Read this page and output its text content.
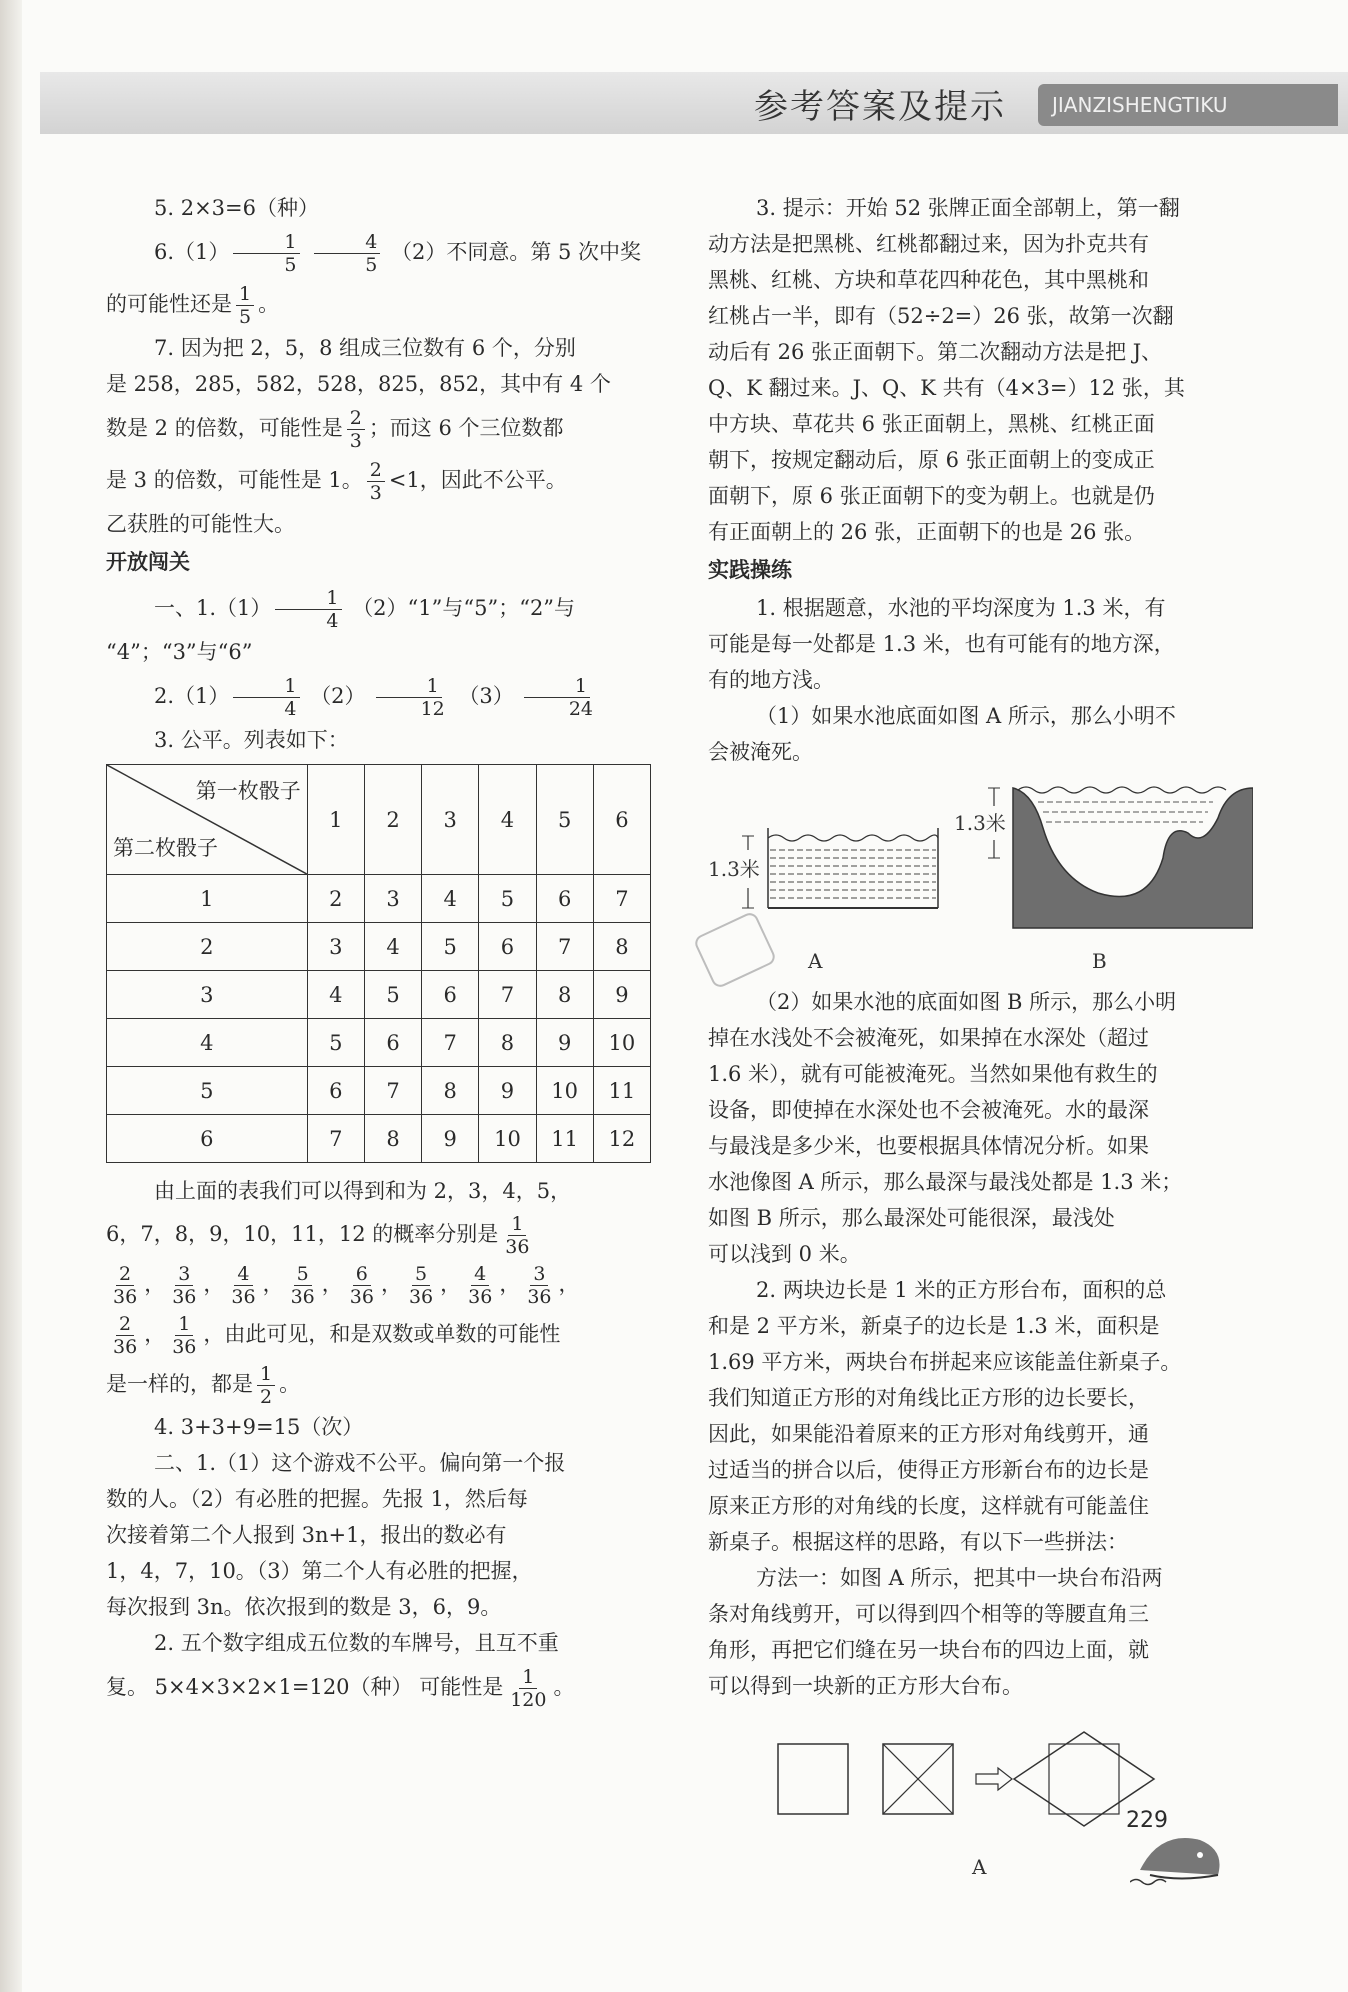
参考答案及提示	JIANZISHENGTIKU

5. 2×3=6（种）

$6.(1) \frac{1}{5}$
$\frac{4}{5} (2)$不同意。第 5 次中奖

的可能性还是 $\frac{1}{5}$ 。

7. 因为把 2，5，8 组成三位数有 6 个，分别

是 258，285，582，528，825，852，其中有 4 个

数是 2 的倍数，可能性是 $\frac{2}{3}$ ；而这 6 个三位数都

是 3 的倍数，可能性是 1。 $\frac{2}{3} <1$，因此不公平。

乙获胜的可能性大。

开放闯关

一、$1.(1) \frac{1}{4}$ （2）“1”与“5”；“2”与

“4”；“3”与“6”

$2.(1) \frac{1}{4} (2) \frac{1}{12} (3) \frac{1}{24}$

3. 公平。列表如下：

第一枚骰子
第二枚骰子	1	2	3	4	5	6
1	2	3	4	5	6	7
2	3	4	5	6	7	8
3	4	5	6	7	8	9
4	5	6	7	8	9	10
5	6	7	8	9	10	11
6	7	8	9	10	11	12

由上面的表我们可以得到和为 2，3，4，5，

6，7，8，9，10，11，12 的概率分别是 $\frac{1}{36}$

$\frac{2}{36}$ ， $\frac{3}{36}$ ， $\frac{4}{36}$ ， $\frac{5}{36}$ ， $\frac{6}{36}$ ， $\frac{5}{36}$ ， $\frac{4}{36}$ ， $\frac{3}{36}$ ，

$\frac{2}{36}$ ， $\frac{1}{36}$ ，由此可见，和是双数或单数的可能性

是一样的，都是 $\frac{1}{2}$ 。

4. 3+3+9=15（次）

二、1.（1）这个游戏不公平。偏向第一个报

数的人。（2）有必胜的把握。先报 1，然后每

次接着第二个人报到 3n+1，报出的数必有

1，4，7，10。（3）第二个人有必胜的把握，

每次报到 3n。依次报到的数是 3，6，9。

2. 五个数字组成五位数的车牌号，且互不重

复。 5×4×3×2×1=120（种） 可能性是 $\frac{1}{120}$ 。

3. 提示：开始 52 张牌正面全部朝上，第一翻

动方法是把黑桃、红桃都翻过来，因为扑克共有

黑桃、红桃、方块和草花四种花色，其中黑桃和

红桃占一半，即有（52÷2=）26 张，故第一次翻

动后有 26 张正面朝下。第二次翻动方法是把 J、

Q、K 翻过来。J、Q、K 共有（4×3=）12 张，其

中方块、草花共 6 张正面朝上，黑桃、红桃正面

朝下，按规定翻动后，原 6 张正面朝上的变成正

面朝下，原 6 张正面朝下的变为朝上。也就是仍

有正面朝上的 26 张，正面朝下的也是 26 张。

实践操练

1. 根据题意，水池的平均深度为 1.3 米，有

可能是每一处都是 1.3 米，也有可能有的地方深，

有的地方浅。

（1）如果水池底面如图 A 所示，那么小明不

会被淹死。

1.3米
A
1.3米
B

（2）如果水池的底面如图 B 所示，那么小明

掉在水浅处不会被淹死，如果掉在水深处（超过

1.6 米），就有可能被淹死。当然如果他有救生的

设备，即使掉在水深处也不会被淹死。水的最深

与最浅是多少米，也要根据具体情况分析。如果

水池像图 A 所示，那么最深与最浅处都是 1.3 米；

如图 B 所示，那么最深处可能很深，最浅处

可以浅到 0 米。

2. 两块边长是 1 米的正方形台布，面积的总

和是 2 平方米，新桌子的边长是 1.3 米，面积是

1.69 平方米，两块台布拼起来应该能盖住新桌子。

我们知道正方形的对角线比正方形的边长要长，

因此，如果能沿着原来的正方形对角线剪开，通

过适当的拼合以后，使得正方形新台布的边长是

原来正方形的对角线的长度，这样就有可能盖住

新桌子。根据这样的思路，有以下一些拼法：

方法一：如图 A 所示，把其中一块台布沿两

条对角线剪开，可以得到四个相等的等腰直角三

角形，再把它们缝在另一块台布的四边上面，就

可以得到一块新的正方形大台布。

A
229
